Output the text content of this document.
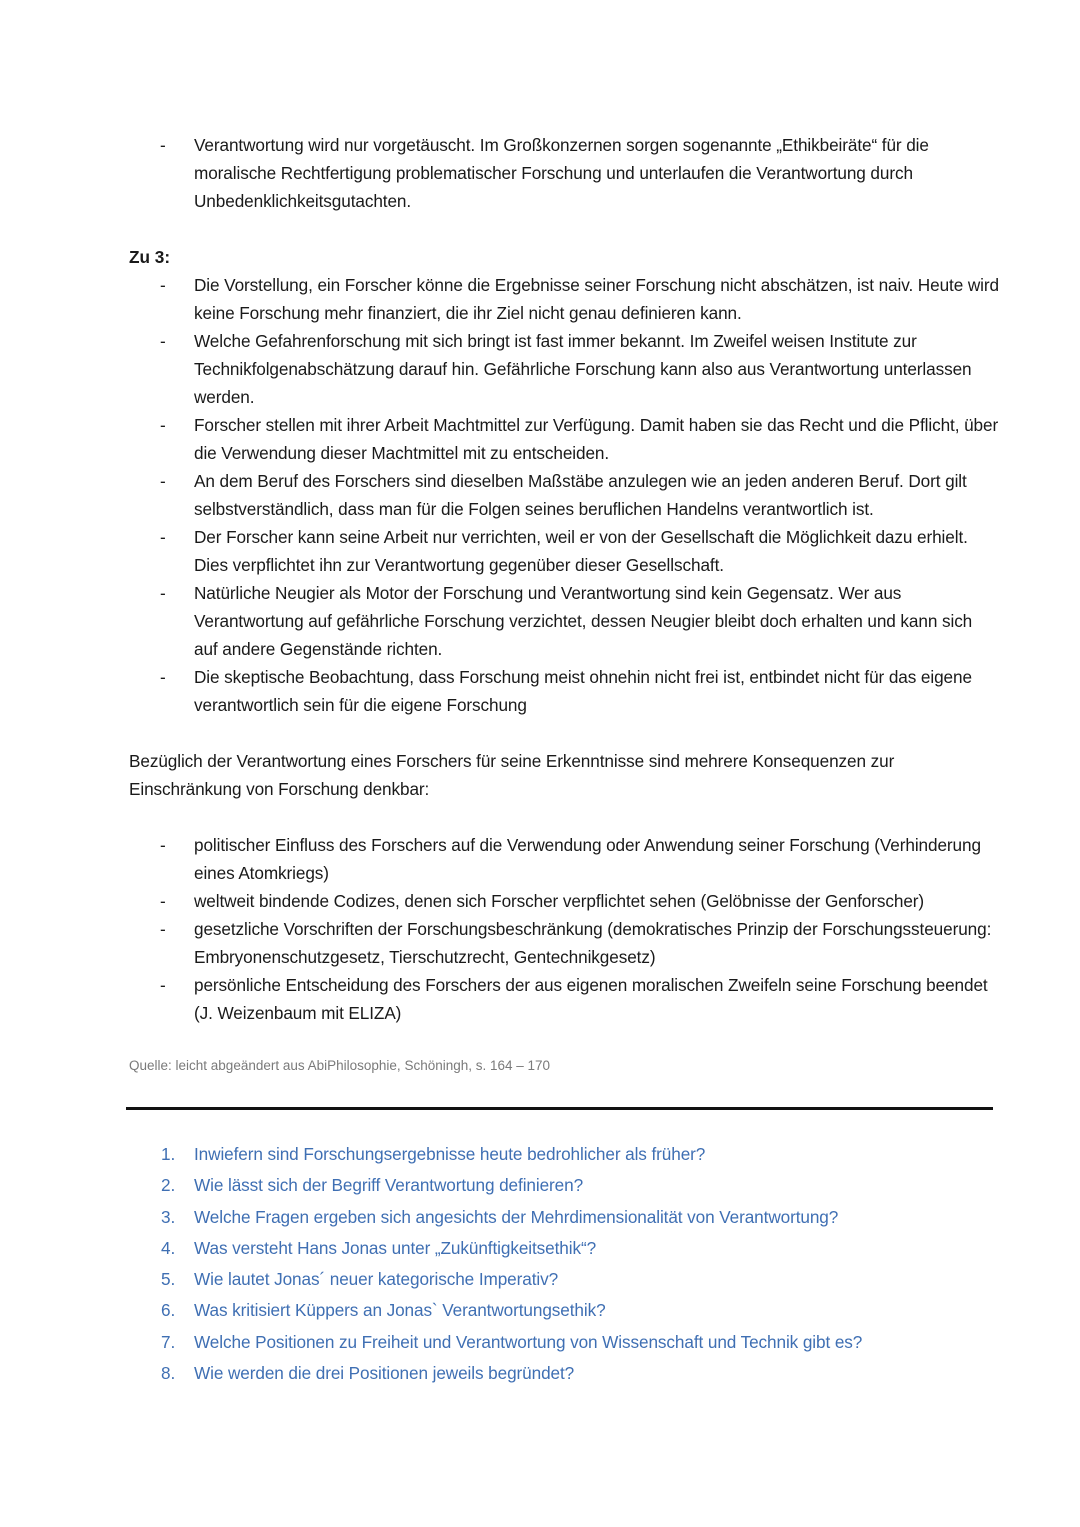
-	Verantwortung wird nur vorgetäuscht. Im Großkonzernen sorgen sogenannte „Ethikbeiräte“ für die moralische Rechtfertigung problematischer Forschung und unterlaufen die Verantwortung durch Unbedenklichkeitsgutachten.
Zu 3:
-	Die Vorstellung, ein Forscher könne die Ergebnisse seiner Forschung nicht abschätzen, ist naiv. Heute wird keine Forschung mehr finanziert, die ihr Ziel nicht genau definieren kann.
-	Welche Gefahrenforschung mit sich bringt ist fast immer bekannt. Im Zweifel weisen Institute zur Technikfolgenabschätzung darauf hin. Gefährliche Forschung kann also aus Verantwortung unterlassen werden.
-	Forscher stellen mit ihrer Arbeit Machtmittel zur Verfügung. Damit haben sie das Recht und die Pflicht, über die Verwendung dieser Machtmittel mit zu entscheiden.
-	An dem Beruf des Forschers sind dieselben Maßstäbe anzulegen wie an jeden anderen Beruf. Dort gilt selbstverständlich, dass man für die Folgen seines beruflichen Handelns verantwortlich ist.
-	Der Forscher kann seine Arbeit nur verrichten, weil er von der Gesellschaft die Möglichkeit dazu erhielt. Dies verpflichtet ihn zur Verantwortung gegenüber dieser Gesellschaft.
-	Natürliche Neugier als Motor der Forschung und Verantwortung sind kein Gegensatz. Wer aus Verantwortung auf gefährliche Forschung verzichtet, dessen Neugier bleibt doch erhalten und kann sich auf andere Gegenstände richten.
-	Die skeptische Beobachtung, dass Forschung meist ohnehin nicht frei ist, entbindet nicht für das eigene verantwortlich sein für die eigene Forschung

Bezüglich der Verantwortung eines Forschers für seine Erkenntnisse sind mehrere Konsequenzen zur Einschränkung von Forschung denkbar:

-	politischer Einfluss des Forschers auf die Verwendung oder Anwendung seiner Forschung (Verhinderung eines Atomkriegs)
-	weltweit bindende Codizes, denen sich Forscher verpflichtet sehen (Gelöbnisse der Genforscher)
-	gesetzliche Vorschriften der Forschungsbeschränkung (demokratisches Prinzip der Forschungssteuerung: Embryonenschutzgesetz, Tierschutzrecht, Gentechnikgesetz)
-	persönliche Entscheidung des Forschers der aus eigenen moralischen Zweifeln seine Forschung beendet (J. Weizenbaum mit ELIZA)
Quelle: leicht abgeändert aus AbiPhilosophie, Schöningh, s. 164 – 170
1. Inwiefern sind Forschungsergebnisse heute bedrohlicher als früher?
2. Wie lässt sich der Begriff Verantwortung definieren?
3. Welche Fragen ergeben sich angesichts der Mehrdimensionalität von Verantwortung?
4. Was versteht Hans Jonas unter „Zukünftigkeitsethik“?
5. Wie lautet Jonas´ neuer kategorische Imperativ?
6. Was kritisiert Küppers an Jonas` Verantwortungsethik?
7. Welche Positionen zu Freiheit und Verantwortung von Wissenschaft und Technik gibt es?
8. Wie werden die drei Positionen jeweils begründet?
